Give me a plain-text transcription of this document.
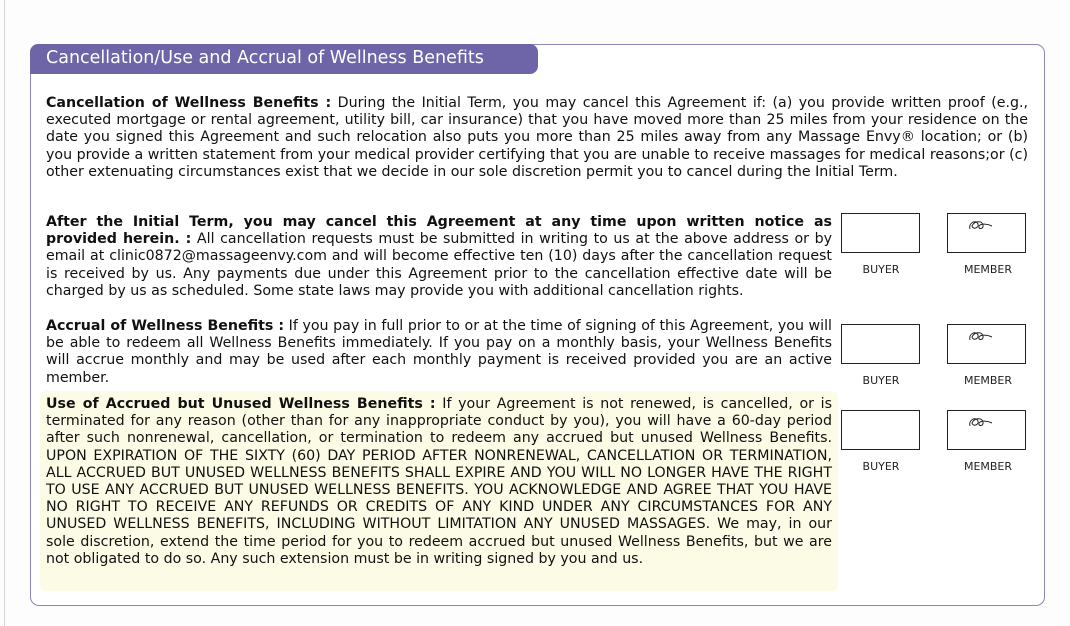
Cancellation/Use and Accrual of Wellness Benefits

Cancellation of Wellness Benefits : During the Initial Term, you may cancel this Agreement if: (a) you provide written proof (e.g., executed mortgage or rental agreement, utility bill, car insurance) that you have moved more than 25 miles from your residence on the date you signed this Agreement and such relocation also puts you more than 25 miles away from any Massage Envy® location; or (b) you provide a written statement from your medical provider certifying that you are unable to receive massages for medical reasons;or (c) other extenuating circumstances exist that we decide in our sole discretion permit you to cancel during the Initial Term.

After the Initial Term, you may cancel this Agreement at any time upon written notice as provided herein. : All cancellation requests must be submitted in writing to us at the above address or by email at clinic0872@massageenvy.com and will become effective ten (10) days after the cancellation request is received by us. Any payments due under this Agreement prior to the cancellation effective date will be charged by us as scheduled. Some state laws may provide you with additional cancellation rights.

Accrual of Wellness Benefits : If you pay in full prior to or at the time of signing of this Agreement, you will be able to redeem all Wellness Benefits immediately. If you pay on a monthly basis, your Wellness Benefits will accrue monthly and may be used after each monthly payment is received provided you are an active member.

Use of Accrued but Unused Wellness Benefits : If your Agreement is not renewed, is cancelled, or is terminated for any reason (other than for any inappropriate conduct by you), you will have a 60-day period after such nonrenewal, cancellation, or termination to redeem any accrued but unused Wellness Benefits. UPON EXPIRATION OF THE SIXTY (60) DAY PERIOD AFTER NONRENEWAL, CANCELLATION OR TERMINATION, ALL ACCRUED BUT UNUSED WELLNESS BENEFITS SHALL EXPIRE AND YOU WILL NO LONGER HAVE THE RIGHT TO USE ANY ACCRUED BUT UNUSED WELLNESS BENEFITS. YOU ACKNOWLEDGE AND AGREE THAT YOU HAVE NO RIGHT TO RECEIVE ANY REFUNDS OR CREDITS OF ANY KIND UNDER ANY CIRCUMSTANCES FOR ANY UNUSED WELLNESS BENEFITS, INCLUDING WITHOUT LIMITATION ANY UNUSED MASSAGES. We may, in our sole discretion, extend the time period for you to redeem accrued but unused Wellness Benefits, but we are not obligated to do so. Any such extension must be in writing signed by you and us.

BUYER	MEMBER
BUYER	MEMBER
BUYER	MEMBER
